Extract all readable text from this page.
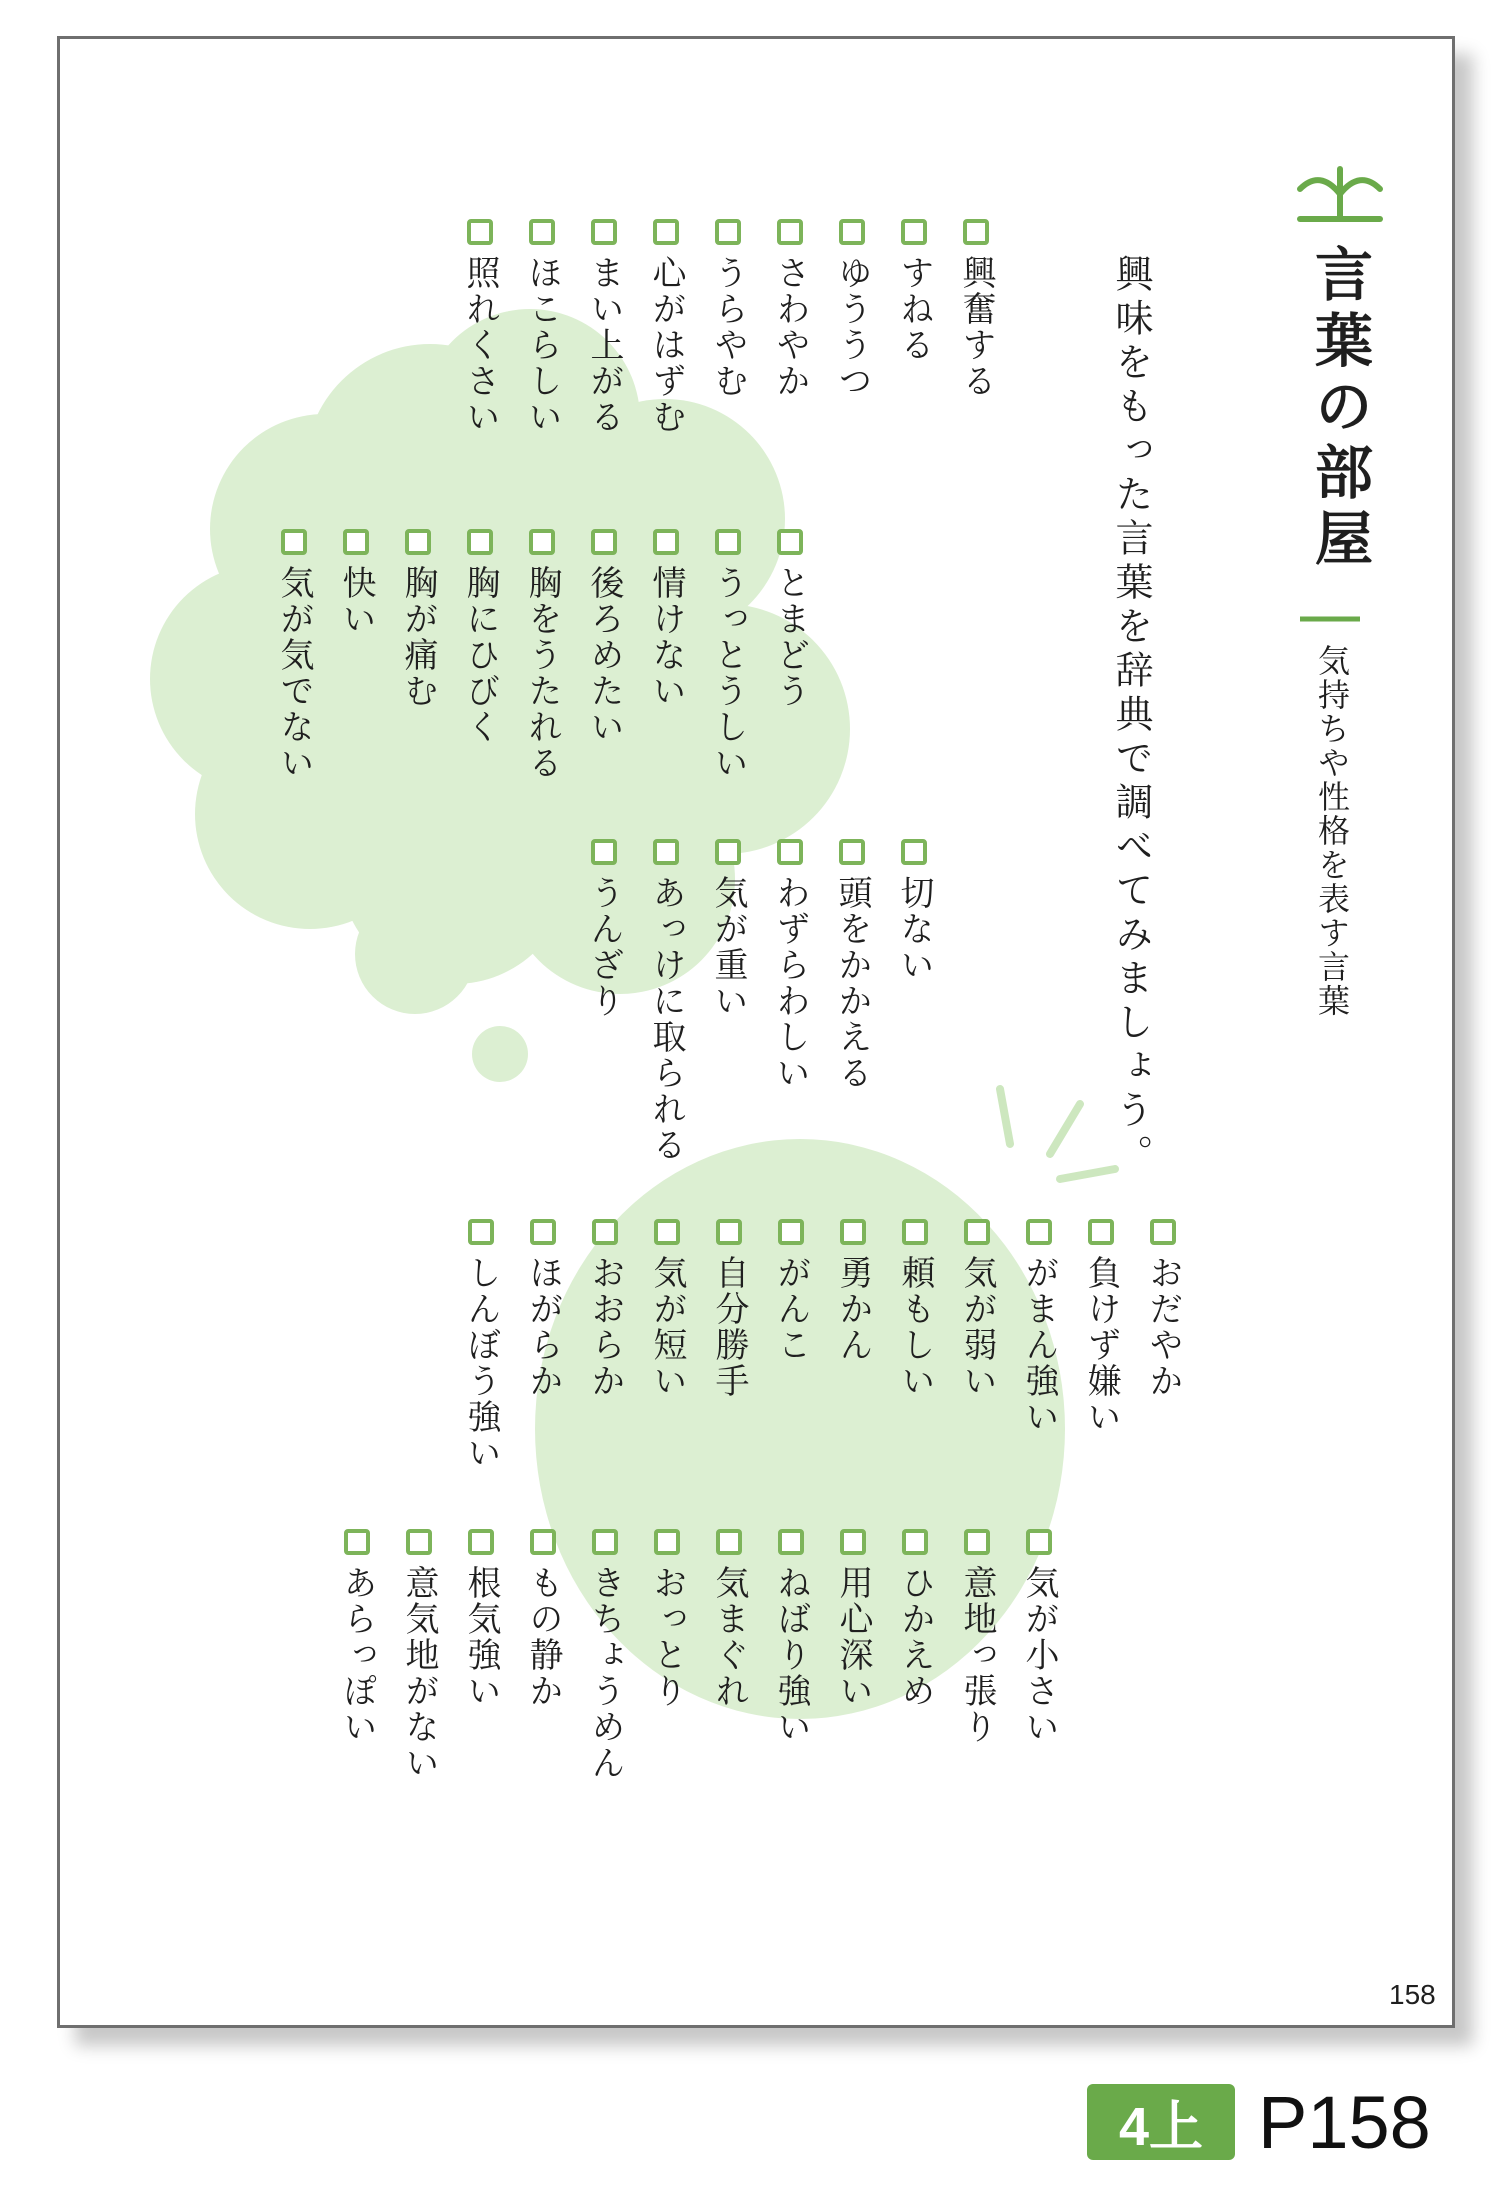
言葉の部屋
気持ちや性格を表す言葉
興味をもった言葉を辞典で調べてみましょう。
興奮する
すねる
ゆううつ
さわやか
うらやむ
心がはずむ
まい上がる
ほこらしい
照れくさい
とまどう
うっとうしい
情けない
後ろめたい
胸をうたれる
胸にひびく
胸が痛む
快い
気が気でない
切ない
頭をかかえる
わずらわしい
気が重い
あっけに取られる
うんざり
おだやか
負けず嫌い
がまん強い
気が弱い
頼もしい
勇かん
がんこ
自分勝手
気が短い
おおらか
ほがらか
しんぼう強い
気が小さい
意地っ張り
ひかえめ
用心深い
ねばり強い
気まぐれ
おっとり
きちょうめん
もの静か
根気強い
意気地がない
あらっぽい
158
4上 P158
